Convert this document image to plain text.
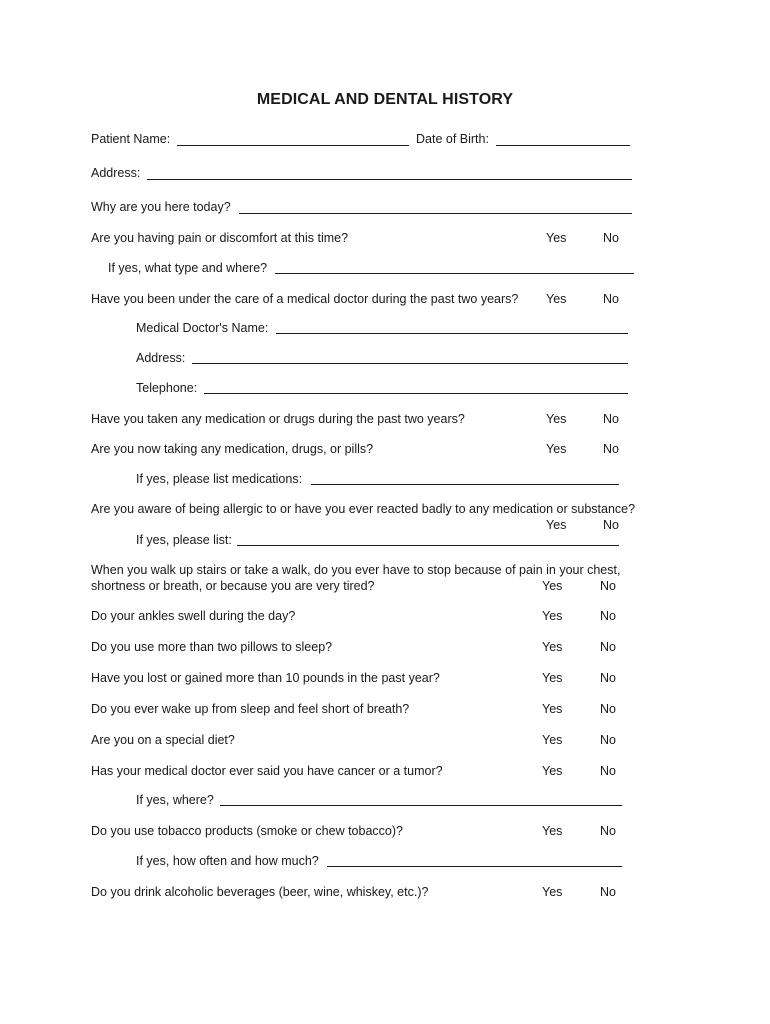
MEDICAL AND DENTAL HISTORY
Patient Name:	Date of Birth:
Address:
Why are you here today?
Are you having pain or discomfort at this time?	Yes	No
If yes, what type and where?
Have you been under the care of a medical doctor during the past two years? Yes	No
Medical Doctor's Name:
Address:
Telephone:
Have you taken any medication or drugs during the past two years?	Yes	No
Are you now taking any medication, drugs, or pills?	Yes	No
If yes, please list medications:
Are you aware of being allergic to or have you ever reacted badly to any medication or substance?
Yes	No
If yes, please list:
When you walk up stairs or take a walk, do you ever have to stop because of pain in your chest,
shortness or breath, or because you are very tired?	Yes	No
Do your ankles swell during the day?	Yes	No
Do you use more than two pillows to sleep?	Yes	No
Have you lost or gained more than 10 pounds in the past year?	Yes	No
Do you ever wake up from sleep and feel short of breath?	Yes	No
Are you on a special diet?	Yes	No
Has your medical doctor ever said you have cancer or a tumor?	Yes	No
If yes, where?
Do you use tobacco products (smoke or chew tobacco)?	Yes	No
If yes, how often and how much?
Do you drink alcoholic beverages (beer, wine, whiskey, etc.)?	Yes	No
